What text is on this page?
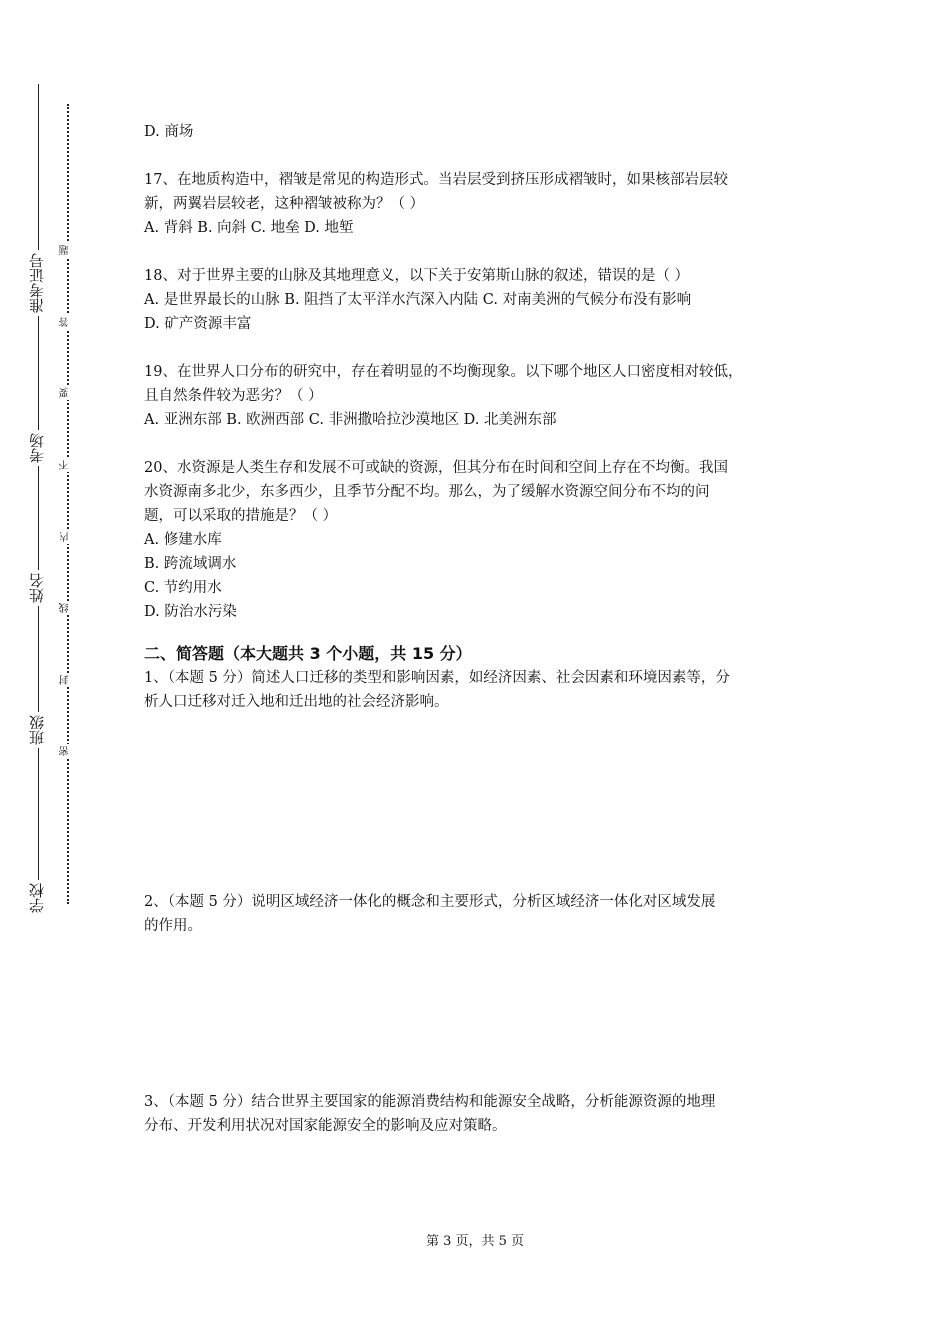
准考证号
考场
姓名
班级
学校
题
答
要
不
内
线
封
密
D. 商场
17、在地质构造中，褶皱是常见的构造形式。当岩层受到挤压形成褶皱时，如果核部岩层较
新，两翼岩层较老，这种褶皱被称为？（ ）
A. 背斜 B. 向斜 C. 地垒 D. 地堑
18、对于世界主要的山脉及其地理意义，以下关于安第斯山脉的叙述，错误的是（ ）
A. 是世界最长的山脉 B. 阻挡了太平洋水汽深入内陆 C. 对南美洲的气候分布没有影响
D. 矿产资源丰富
19、在世界人口分布的研究中，存在着明显的不均衡现象。以下哪个地区人口密度相对较低，
且自然条件较为恶劣？（ ）
A. 亚洲东部 B. 欧洲西部 C. 非洲撒哈拉沙漠地区 D. 北美洲东部
20、水资源是人类生存和发展不可或缺的资源，但其分布在时间和空间上存在不均衡。我国
水资源南多北少，东多西少，且季节分配不均。那么，为了缓解水资源空间分布不均的问
题，可以采取的措施是？（ ）
A. 修建水库
B. 跨流域调水
C. 节约用水
D. 防治水污染
二、简答题（本大题共 3 个小题，共 15 分）
1、（本题 5 分）简述人口迁移的类型和影响因素，如经济因素、社会因素和环境因素等，分
析人口迁移对迁入地和迁出地的社会经济影响。
2、（本题 5 分）说明区域经济一体化的概念和主要形式，分析区域经济一体化对区域发展
的作用。
3、（本题 5 分）结合世界主要国家的能源消费结构和能源安全战略，分析能源资源的地理
分布、开发利用状况对国家能源安全的影响及应对策略。
第 3 页，共 5 页
